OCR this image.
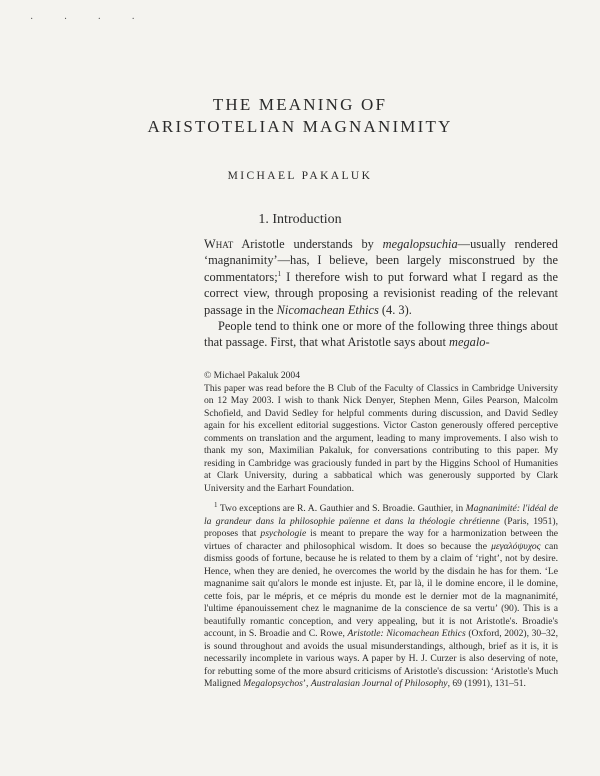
· · · ·
THE MEANING OF
ARISTOTELIAN MAGNANIMITY
MICHAEL PAKALUK
1. Introduction

What Aristotle understands by megalopsuchia—usually rendered ‘magnanimity’—has, I believe, been largely misconstrued by the commentators;$^1$ I therefore wish to put forward what I regard as the correct view, through proposing a revisionist reading of the relevant passage in the Nicomachean Ethics (4. 3).

People tend to think one or more of the following three things about that passage. First, that what Aristotle says about megalo-

© Michael Pakaluk 2004

This paper was read before the B Club of the Faculty of Classics in Cambridge University on 12 May 2003. I wish to thank Nick Denyer, Stephen Menn, Giles Pearson, Malcolm Schofield, and David Sedley for helpful comments during discussion, and David Sedley again for his excellent editorial suggestions. Victor Caston generously offered perceptive comments on translation and the argument, leading to many improvements. I also wish to thank my son, Maximilian Pakaluk, for conversations contributing to this paper. My residing in Cambridge was graciously funded in part by the Higgins School of Humanities at Clark University, during a sabbatical which was generously supported by Clark University and the Earhart Foundation.

$^1$ Two exceptions are R. A. Gauthier and S. Broadie. Gauthier, in Magnanimité: l'idéal de la grandeur dans la philosophie païenne et dans la théologie chrétienne (Paris, 1951), proposes that psychologie is meant to prepare the way for a harmonization between the virtues of character and philosophical wisdom. It does so because the μεγαλόψυχος can dismiss goods of fortune, because he is related to them by a claim of ‘right’, not by desire. Hence, when they are denied, he overcomes the world by the disdain he has for them. ‘Le magnanime sait qu'alors le monde est injuste. Et, par là, il le domine encore, il le domine, cette fois, par le mépris, et ce mépris du monde est le dernier mot de la magnanimité, l'ultime épanouissement chez le magnanime de la conscience de sa vertu’ (90). This is a beautifully romantic conception, and very appealing, but it is not Aristotle's. Broadie's account, in S. Broadie and C. Rowe, Aristotle: Nicomachean Ethics (Oxford, 2002), 30–32, is sound throughout and avoids the usual misunderstandings, although, brief as it is, it is necessarily incomplete in various ways. A paper by H. J. Curzer is also deserving of note, for rebutting some of the more absurd criticisms of Aristotle's discussion: ‘Aristotle's Much Maligned Megalopsychos’, Australasian Journal of Philosophy, 69 (1991), 131–51.
